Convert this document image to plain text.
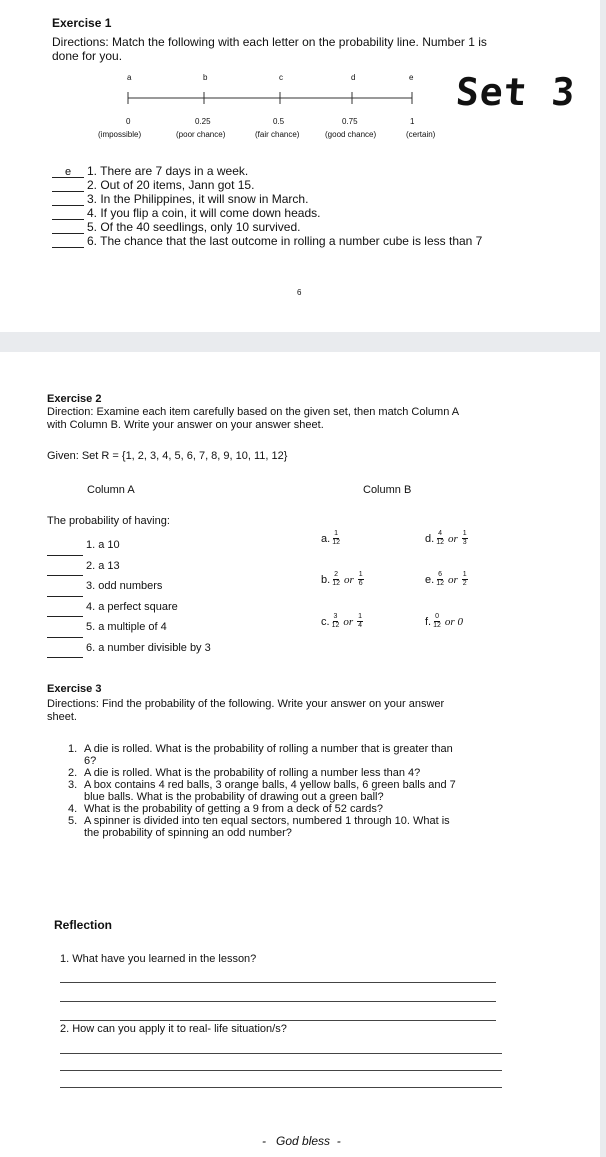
Exercise 1
Directions: Match the following with each letter on the probability line. Number 1 is
done for you.
a	b	c	d	e
0	0.25	0.5	0.75	1
(impossible)	(poor chance)	(fair chance)	(good chance)	(certain)
Set 3
e 1. There are 7 days in a week.
2. Out of 20 items, Jann got 15.
3. In the Philippines, it will snow in March.
4. If you flip a coin, it will come down heads.
5. Of the 40 seedlings, only 10 survived.
6. The chance that the last outcome in rolling a number cube is less than 7
6
Exercise 2
Direction: Examine each item carefully based on the given set, then match Column A
with Column B. Write your answer on your answer sheet.
Given: Set R = {1, 2, 3, 4, 5, 6, 7, 8, 9, 10, 11, 12}
Column A	Column B
The probability of having:
1. a 10
2. a 13
3. odd numbers
4. a perfect square
5. a multiple of 4
6. a number divisible by 3
a. $\frac{1}{12}$
b. $\frac{2}{12}$ or $\frac{1}{6}$
c. $\frac{3}{12}$ or $\frac{1}{4}$
d. $\frac{4}{12}$ or $\frac{1}{3}$
e. $\frac{6}{12}$ or $\frac{1}{2}$
f. $\frac{0}{12}$ or 0
Exercise 3
Directions: Find the probability of the following. Write your answer on your answer
sheet.
1. A die is rolled. What is the probability of rolling a number that is greater than
6?
2. A die is rolled. What is the probability of rolling a number less than 4?
3. A box contains 4 red balls, 3 orange balls, 4 yellow balls, 6 green balls and 7
blue balls. What is the probability of drawing out a green ball?
4. What is the probability of getting a 9 from a deck of 52 cards?
5. A spinner is divided into ten equal sectors, numbered 1 through 10. What is
the probability of spinning an odd number?
Reflection
1. What have you learned in the lesson?
2. How can you apply it to real- life situation/s?
-   God bless  -
